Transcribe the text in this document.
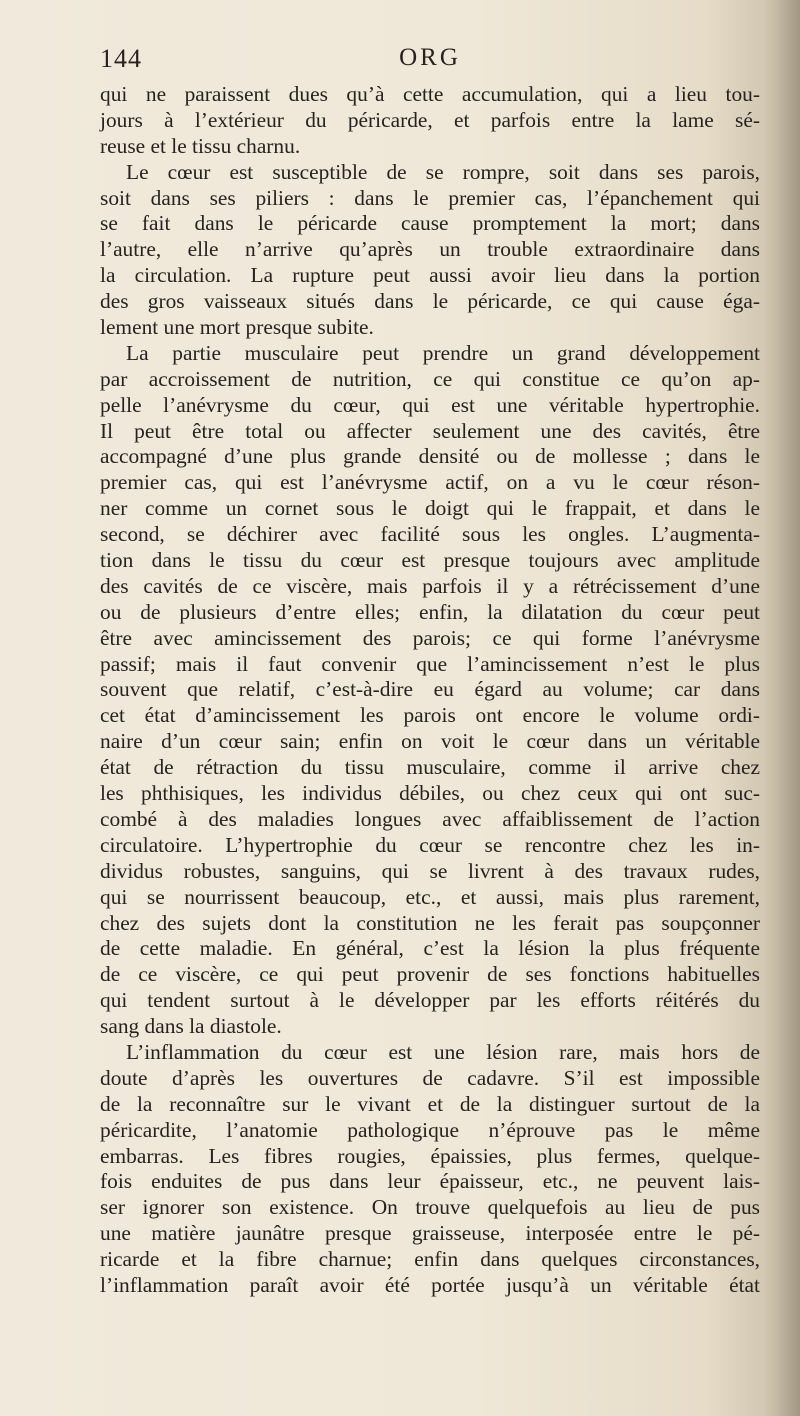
144	ORG
qui ne paraissent dues qu’à cette accumulation, qui a lieu tou-
jours à l’extérieur du péricarde, et parfois entre la lame sé-
reuse et le tissu charnu.
Le cœur est susceptible de se rompre, soit dans ses parois,
soit dans ses piliers : dans le premier cas, l’épanchement qui
se fait dans le péricarde cause promptement la mort; dans
l’autre, elle n’arrive qu’après un trouble extraordinaire dans
la circulation. La rupture peut aussi avoir lieu dans la portion
des gros vaisseaux situés dans le péricarde, ce qui cause éga-
lement une mort presque subite.
La partie musculaire peut prendre un grand développement
par accroissement de nutrition, ce qui constitue ce qu’on ap-
pelle l’anévrysme du cœur, qui est une véritable hypertrophie.
Il peut être total ou affecter seulement une des cavités, être
accompagné d’une plus grande densité ou de mollesse ; dans le
premier cas, qui est l’anévrysme actif, on a vu le cœur réson-
ner comme un cornet sous le doigt qui le frappait, et dans le
second, se déchirer avec facilité sous les ongles. L’augmenta-
tion dans le tissu du cœur est presque toujours avec amplitude
des cavités de ce viscère, mais parfois il y a rétrécissement d’une
ou de plusieurs d’entre elles; enfin, la dilatation du cœur peut
être avec amincissement des parois; ce qui forme l’anévrysme
passif; mais il faut convenir que l’amincissement n’est le plus
souvent que relatif, c’est-à-dire eu égard au volume; car dans
cet état d’amincissement les parois ont encore le volume ordi-
naire d’un cœur sain; enfin on voit le cœur dans un véritable
état de rétraction du tissu musculaire, comme il arrive chez
les phthisiques, les individus débiles, ou chez ceux qui ont suc-
combé à des maladies longues avec affaiblissement de l’action
circulatoire. L’hypertrophie du cœur se rencontre chez les in-
dividus robustes, sanguins, qui se livrent à des travaux rudes,
qui se nourrissent beaucoup, etc., et aussi, mais plus rarement,
chez des sujets dont la constitution ne les ferait pas soupçonner
de cette maladie. En général, c’est la lésion la plus fréquente
de ce viscère, ce qui peut provenir de ses fonctions habituelles
qui tendent surtout à le développer par les efforts réitérés du
sang dans la diastole.
L’inflammation du cœur est une lésion rare, mais hors de
doute d’après les ouvertures de cadavre. S’il est impossible
de la reconnaître sur le vivant et de la distinguer surtout de la
péricardite, l’anatomie pathologique n’éprouve pas le même
embarras. Les fibres rougies, épaissies, plus fermes, quelque-
fois enduites de pus dans leur épaisseur, etc., ne peuvent lais-
ser ignorer son existence. On trouve quelquefois au lieu de pus
une matière jaunâtre presque graisseuse, interposée entre le pé-
ricarde et la fibre charnue; enfin dans quelques circonstances,
l’inflammation paraît avoir été portée jusqu’à un véritable état
